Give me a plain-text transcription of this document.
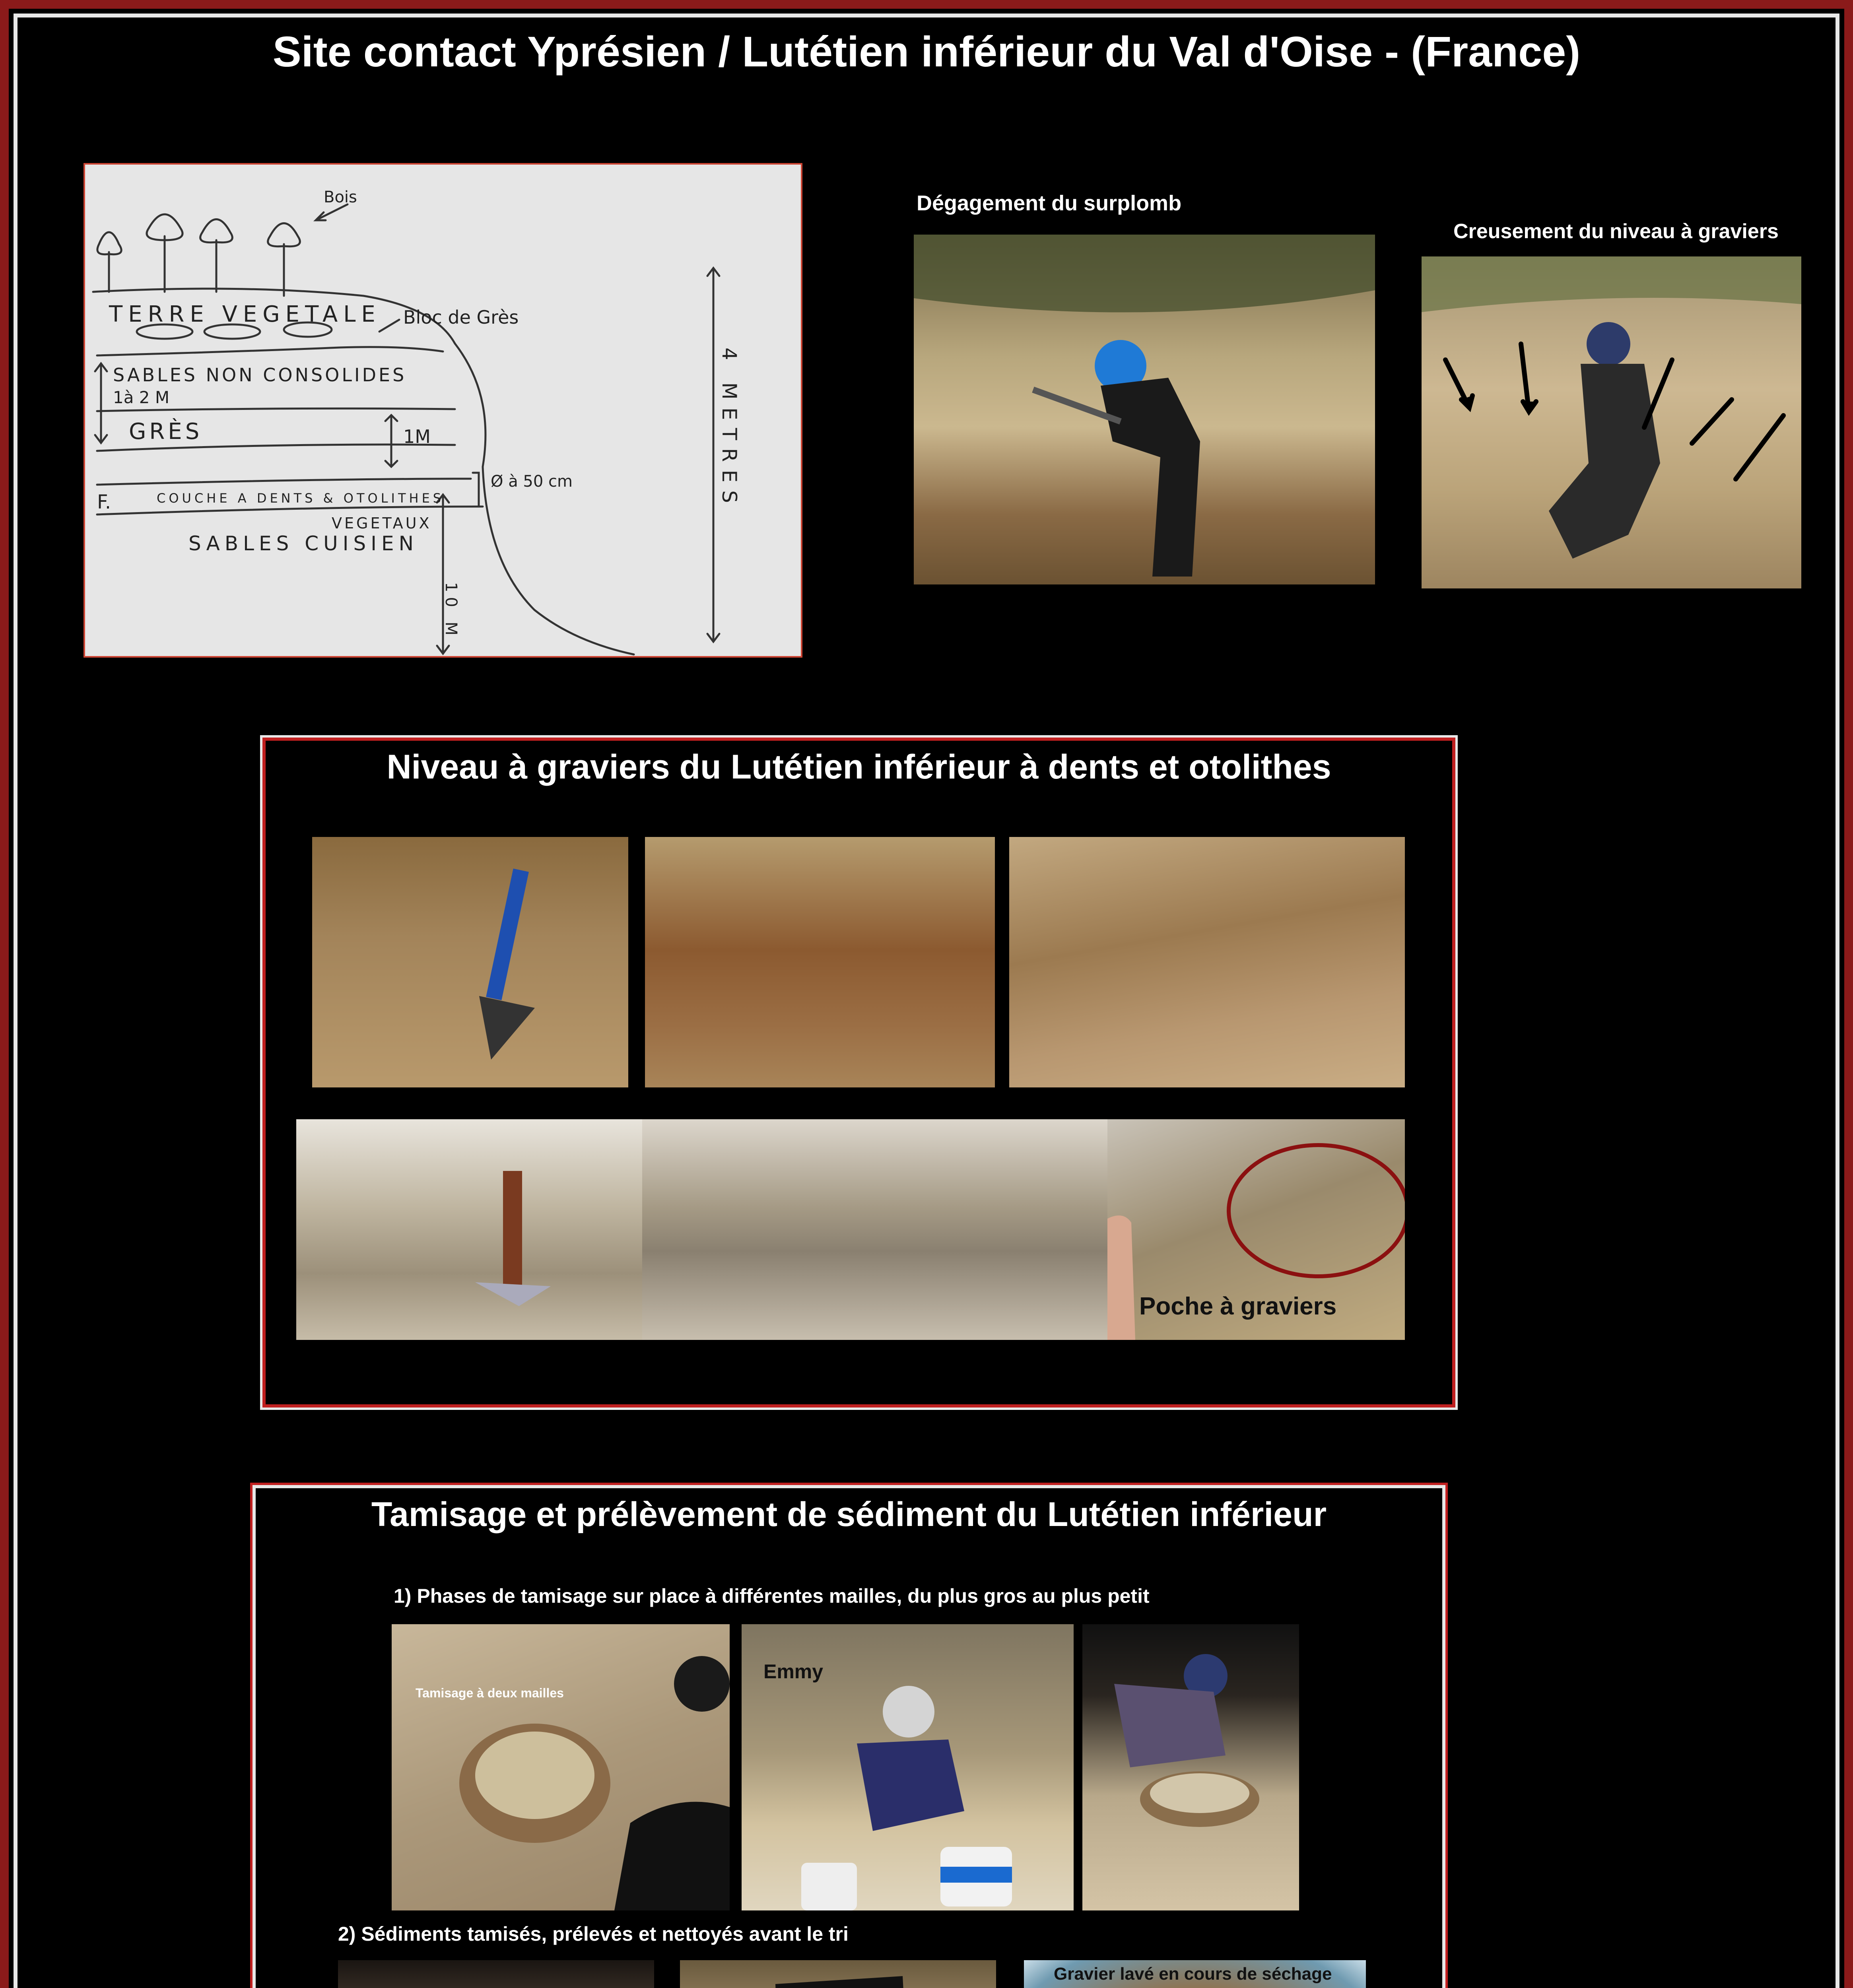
Site contact Yprésien / Lutétien inférieur du Val d'Oise - (France)
Bois
TERRE VEGETALE Bloc de Grès
SABLES NON CONSOLIDES
1à 2 M
GRÈS	1M
F.	COUCHE A DENTS & OTOLITHES
Ø à 50 cm
SABLES CUISIEN
VEGETAUX
4 METRES
10 M
Dégagement du surplomb
Creusement du niveau à graviers
Niveau à graviers du Lutétien inférieur à dents et otolithes
Poche à graviers
Tamisage et prélèvement de sédiment du Lutétien inférieur
1) Phases de tamisage sur place à différentes mailles, du plus gros au plus petit
Tamisage à deux mailles
Emmy
2) Sédiments tamisés, prélevés et nettoyés avant le tri
Gravier lavé en cours de séchage
